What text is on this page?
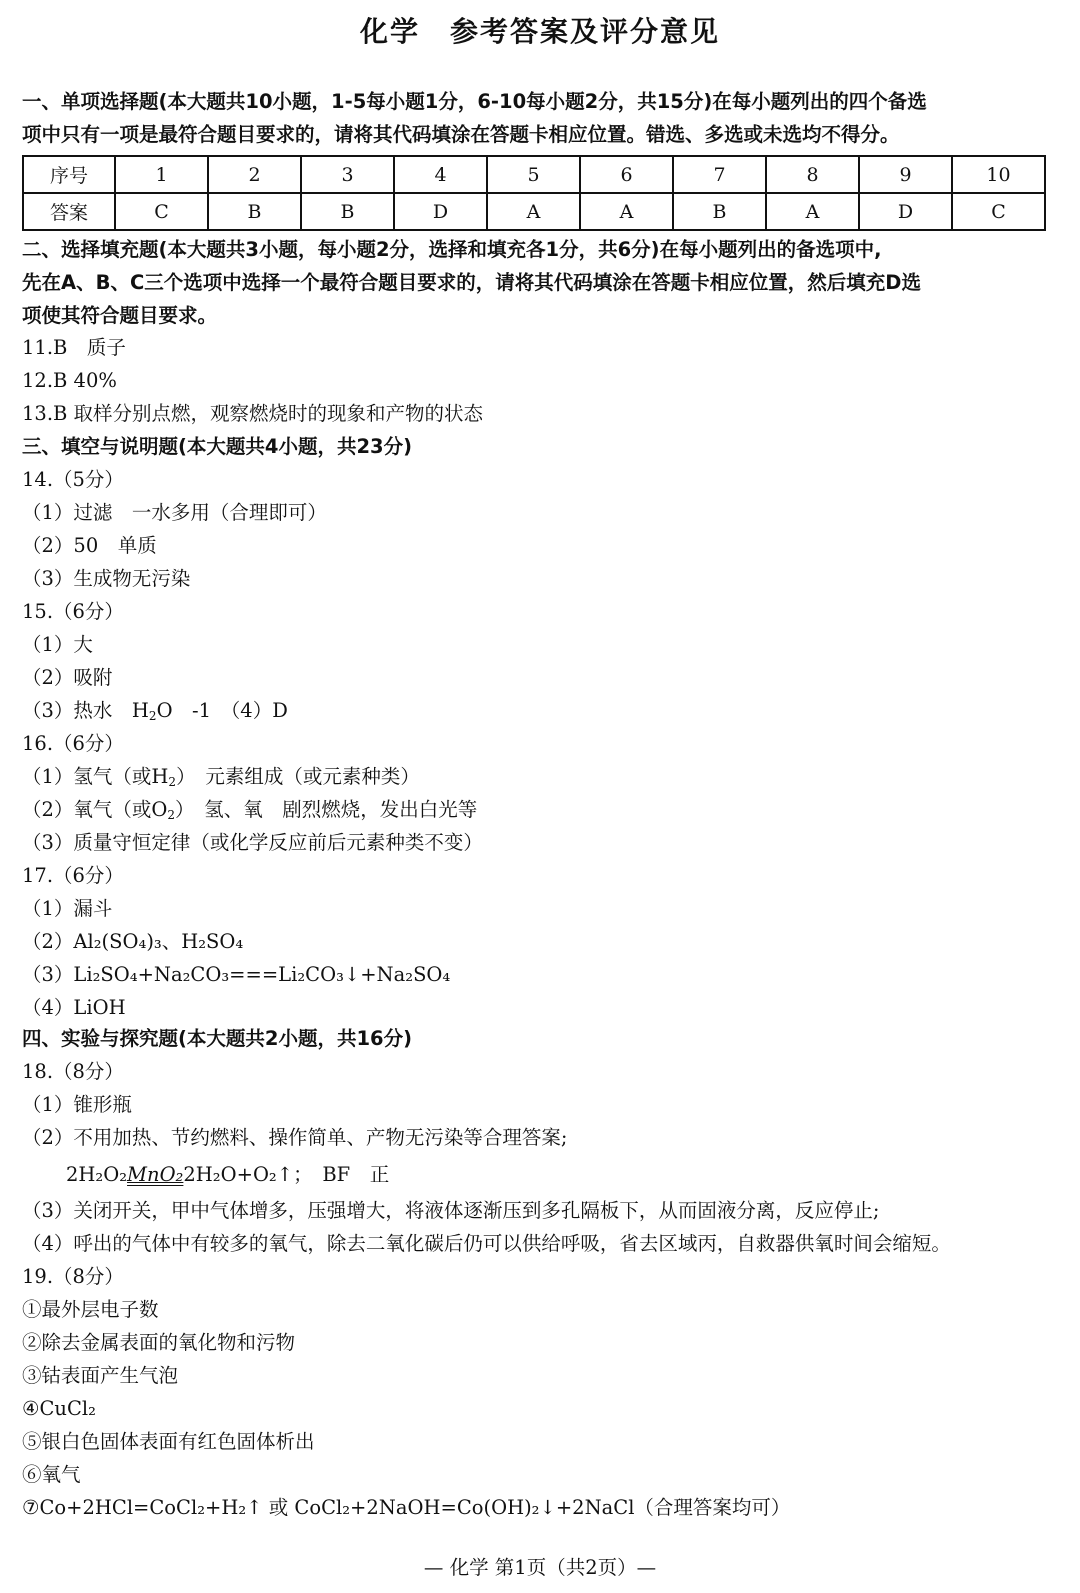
化学　参考答案及评分意见
一、单项选择题(本大题共10小题，1-5每小题1分，6-10每小题2分，共15分)在每小题列出的四个备选
项中只有一项是最符合题目要求的，请将其代码填涂在答题卡相应位置。错选、多选或未选均不得分。
序号	1	2	3	4	5	6	7	8	9	10
答案	C	B	B	D	A	A	B	A	D	C
二、选择填充题(本大题共3小题，每小题2分，选择和填充各1分，共6分)在每小题列出的备选项中,
先在A、B、C三个选项中选择一个最符合题目要求的，请将其代码填涂在答题卡相应位置，然后填充D选
项使其符合题目要求。
11.B　质子
12.B 40%
13.B 取样分别点燃，观察燃烧时的现象和产物的状态
三、填空与说明题(本大题共4小题，共23分)
14.（5分）
（1）过滤　一水多用（合理即可）
（2）50　单质
（3）生成物无污染
15.（6分）
（1）大
（2）吸附
（3）热水　$H_2O$　-1　（4）D
16.（6分）
（1）氢气（或$H_2$）　元素组成（或元素种类）
（2）氧气（或$O_2$）　氢、氧　剧烈燃烧，发出白光等
（3）质量守恒定律（或化学反应前后元素种类不变）
17.（6分）
（1）漏斗
（2）Al₂(SO₄)₃、H₂SO₄
（3）Li₂SO₄+Na₂CO₃===Li₂CO₃↓+Na₂SO₄
（4）LiOH
四、实验与探究题(本大题共2小题，共16分)
18.（8分）
（1）锥形瓶
（2）不用加热、节约燃料、操作简单、产物无污染等合理答案;
2H₂O₂MnO₂2H₂O+O₂↑；　BF　正
（3）关闭开关，甲中气体增多，压强增大，将液体逐渐压到多孔隔板下，从而固液分离，反应停止;
（4）呼出的气体中有较多的氧气，除去二氧化碳后仍可以供给呼吸，省去区域丙，自救器供氧时间会缩短。
19.（8分）
①最外层电子数
②除去金属表面的氧化物和污物
③钴表面产生气泡
④CuCl₂
⑤银白色固体表面有红色固体析出
⑥氧气
⑦Co+2HCl=CoCl₂+H₂↑ 或 CoCl₂+2NaOH=Co(OH)₂↓+2NaCl（合理答案均可）
— 化学 第1页（共2页）—
